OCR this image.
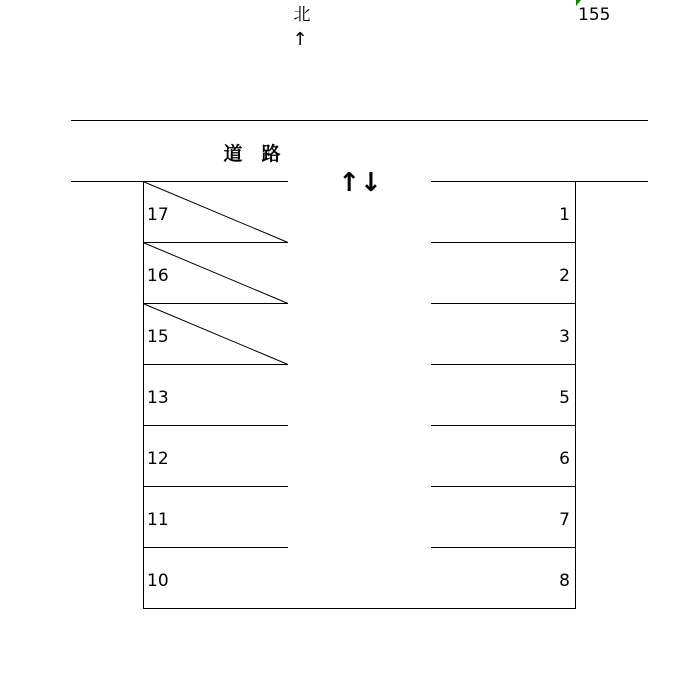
北
↑
155
道　路
↑↓
17
16
15
13
12
11
10
1
2
3
5
6
7
8
